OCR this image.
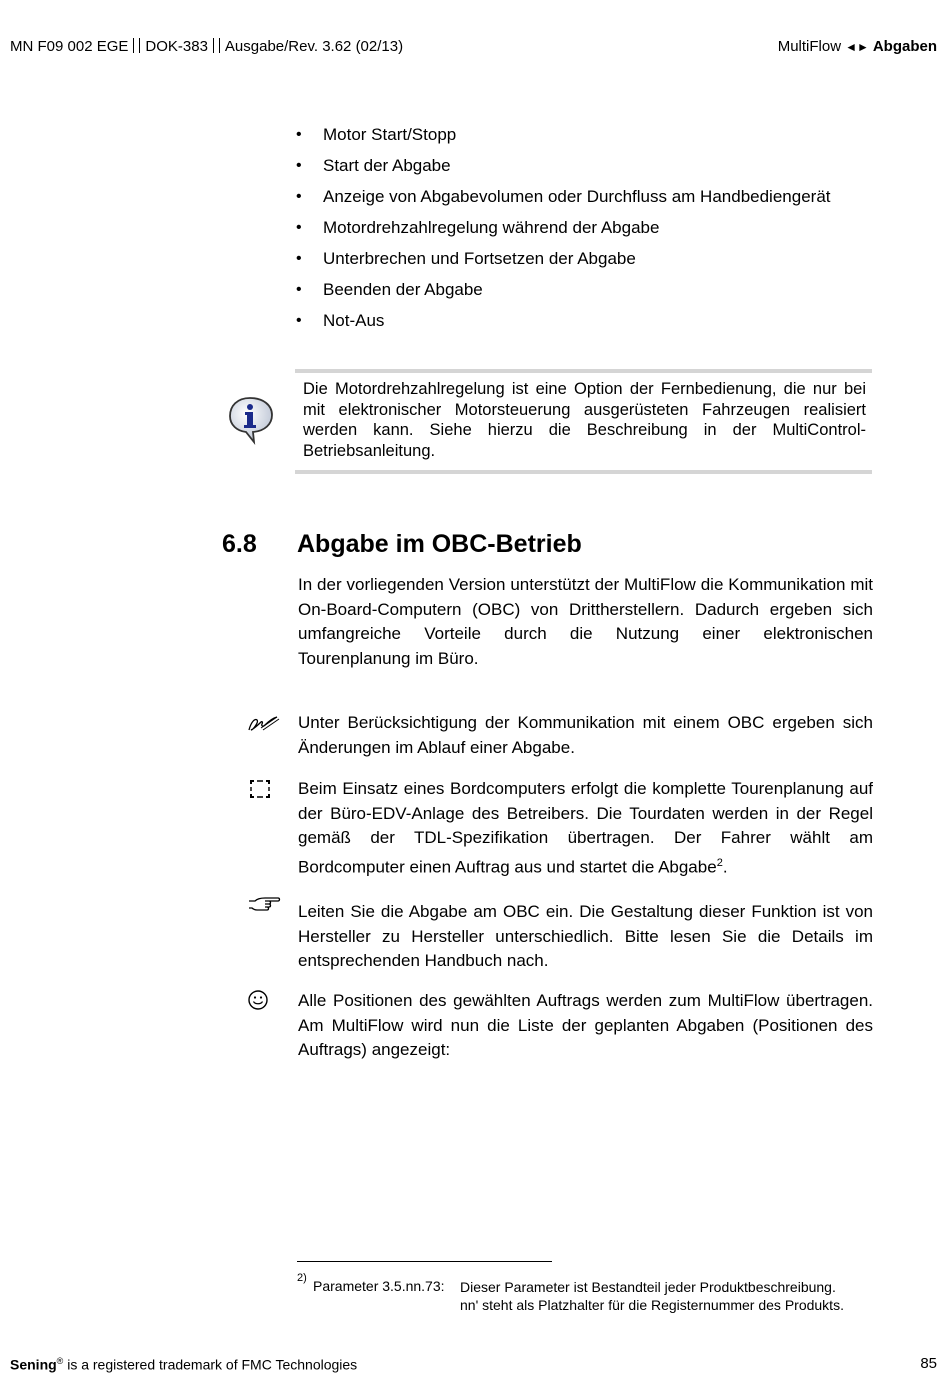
MN F09 002 EGE DOK-383 Ausgabe/Rev. 3.62 (02/13)	MultiFlow ◄► Abgaben
• Motor Start/Stopp
• Start der Abgabe
• Anzeige von Abgabevolumen oder Durchfluss am Handbediengerät
• Motordrehzahlregelung während der Abgabe
• Unterbrechen und Fortsetzen der Abgabe
• Beenden der Abgabe
• Not-Aus
Die Motordrehzahlregelung ist eine Option der Fernbedienung, die nur bei mit elektronischer Motorsteuerung ausgerüsteten Fahrzeugen realisiert werden kann. Siehe hierzu die Beschreibung in der MultiControl-Betriebsanleitung.
6.8 Abgabe im OBC-Betrieb
In der vorliegenden Version unterstützt der MultiFlow die Kommunikation mit On-Board-Computern (OBC) von Drittherstellern. Dadurch ergeben sich umfangreiche Vorteile durch die Nutzung einer elektronischen Tourenplanung im Büro.
Unter Berücksichtigung der Kommunikation mit einem OBC ergeben sich Änderungen im Ablauf einer Abgabe.
Beim Einsatz eines Bordcomputers erfolgt die komplette Tourenplanung auf der Büro-EDV-Anlage des Betreibers. Die Tourdaten werden in der Regel gemäß der TDL-Spezifikation übertragen. Der Fahrer wählt am Bordcomputer einen Auftrag aus und startet die Abgabe$^2$.
Leiten Sie die Abgabe am OBC ein. Die Gestaltung dieser Funktion ist von Hersteller zu Hersteller unterschiedlich. Bitte lesen Sie die Details im entsprechenden Handbuch nach.
Alle Positionen des gewählten Auftrags werden zum MultiFlow übertragen. Am MultiFlow wird nun die Liste der geplanten Abgaben (Positionen des Auftrags) angezeigt:
2) Parameter 3.5.nn.73: Dieser Parameter ist Bestandteil jeder Produktbeschreibung.
nn' steht als Platzhalter für die Registernummer des Produkts.
Sening® is a registered trademark of FMC Technologies	85
